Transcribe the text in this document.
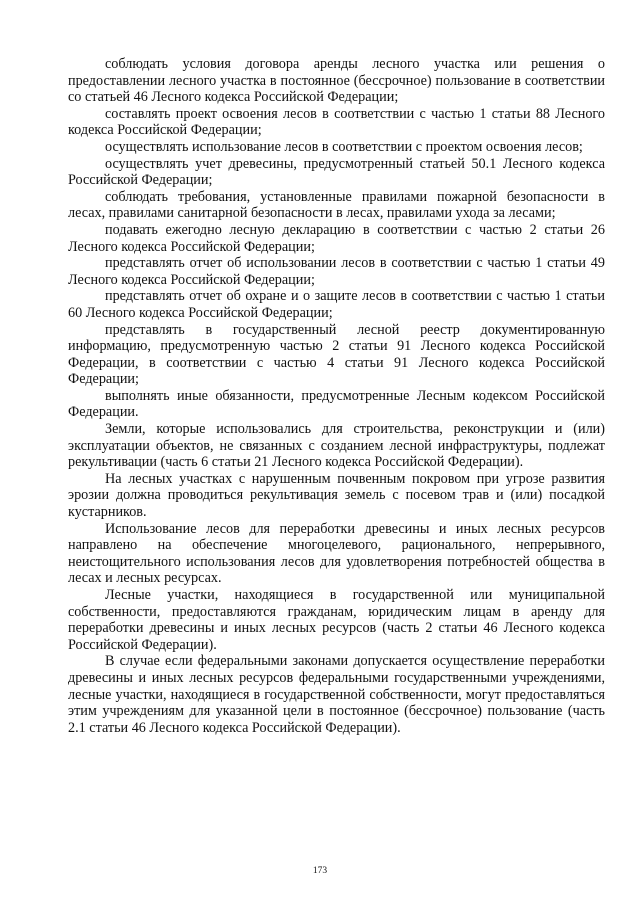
соблюдать условия договора аренды лесного участка или решения о предоставлении лесного участка в постоянное (бессрочное) пользование в соответствии со статьей 46 Лесного кодекса Российской Федерации;

составлять проект освоения лесов в соответствии с частью 1 статьи 88 Лесного кодекса Российской Федерации;

осуществлять использование лесов в соответствии с проектом освоения лесов;

осуществлять учет древесины, предусмотренный статьей 50.1 Лесного кодекса Российской Федерации;

соблюдать требования, установленные правилами пожарной безопасности в лесах, правилами санитарной безопасности в лесах, правилами ухода за лесами;

подавать ежегодно лесную декларацию в соответствии с частью 2 статьи 26 Лесного кодекса Российской Федерации;

представлять отчет об использовании лесов в соответствии с частью 1 статьи 49 Лесного кодекса Российской Федерации;

представлять отчет об охране и о защите лесов в соответствии с частью 1 статьи 60 Лесного кодекса Российской Федерации;

представлять в государственный лесной реестр документированную информацию, предусмотренную частью 2 статьи 91 Лесного кодекса Российской Федерации, в соответствии с частью 4 статьи 91 Лесного кодекса Российской Федерации;

выполнять иные обязанности, предусмотренные Лесным кодексом Российской Федерации.

Земли, которые использовались для строительства, реконструкции и (или) эксплуатации объектов, не связанных с созданием лесной инфраструктуры, подлежат рекультивации (часть 6 статьи 21 Лесного кодекса Российской Федерации).

На лесных участках с нарушенным почвенным покровом при угрозе развития эрозии должна проводиться рекультивация земель с посевом трав и (или) посадкой кустарников.

Использование лесов для переработки древесины и иных лесных ресурсов направлено на обеспечение многоцелевого, рационального, непрерывного, неистощительного использования лесов для удовлетворения потребностей общества в лесах и лесных ресурсах.

Лесные участки, находящиеся в государственной или муниципальной собственности, предоставляются гражданам, юридическим лицам в аренду для переработки древесины и иных лесных ресурсов (часть 2 статьи 46 Лесного кодекса Российской Федерации).

В случае если федеральными законами допускается осуществление переработки древесины и иных лесных ресурсов федеральными государственными учреждениями, лесные участки, находящиеся в государственной собственности, могут предоставляться этим учреждениям для указанной цели в постоянное (бессрочное) пользование (часть 2.1 статьи 46 Лесного кодекса Российской Федерации).

173
